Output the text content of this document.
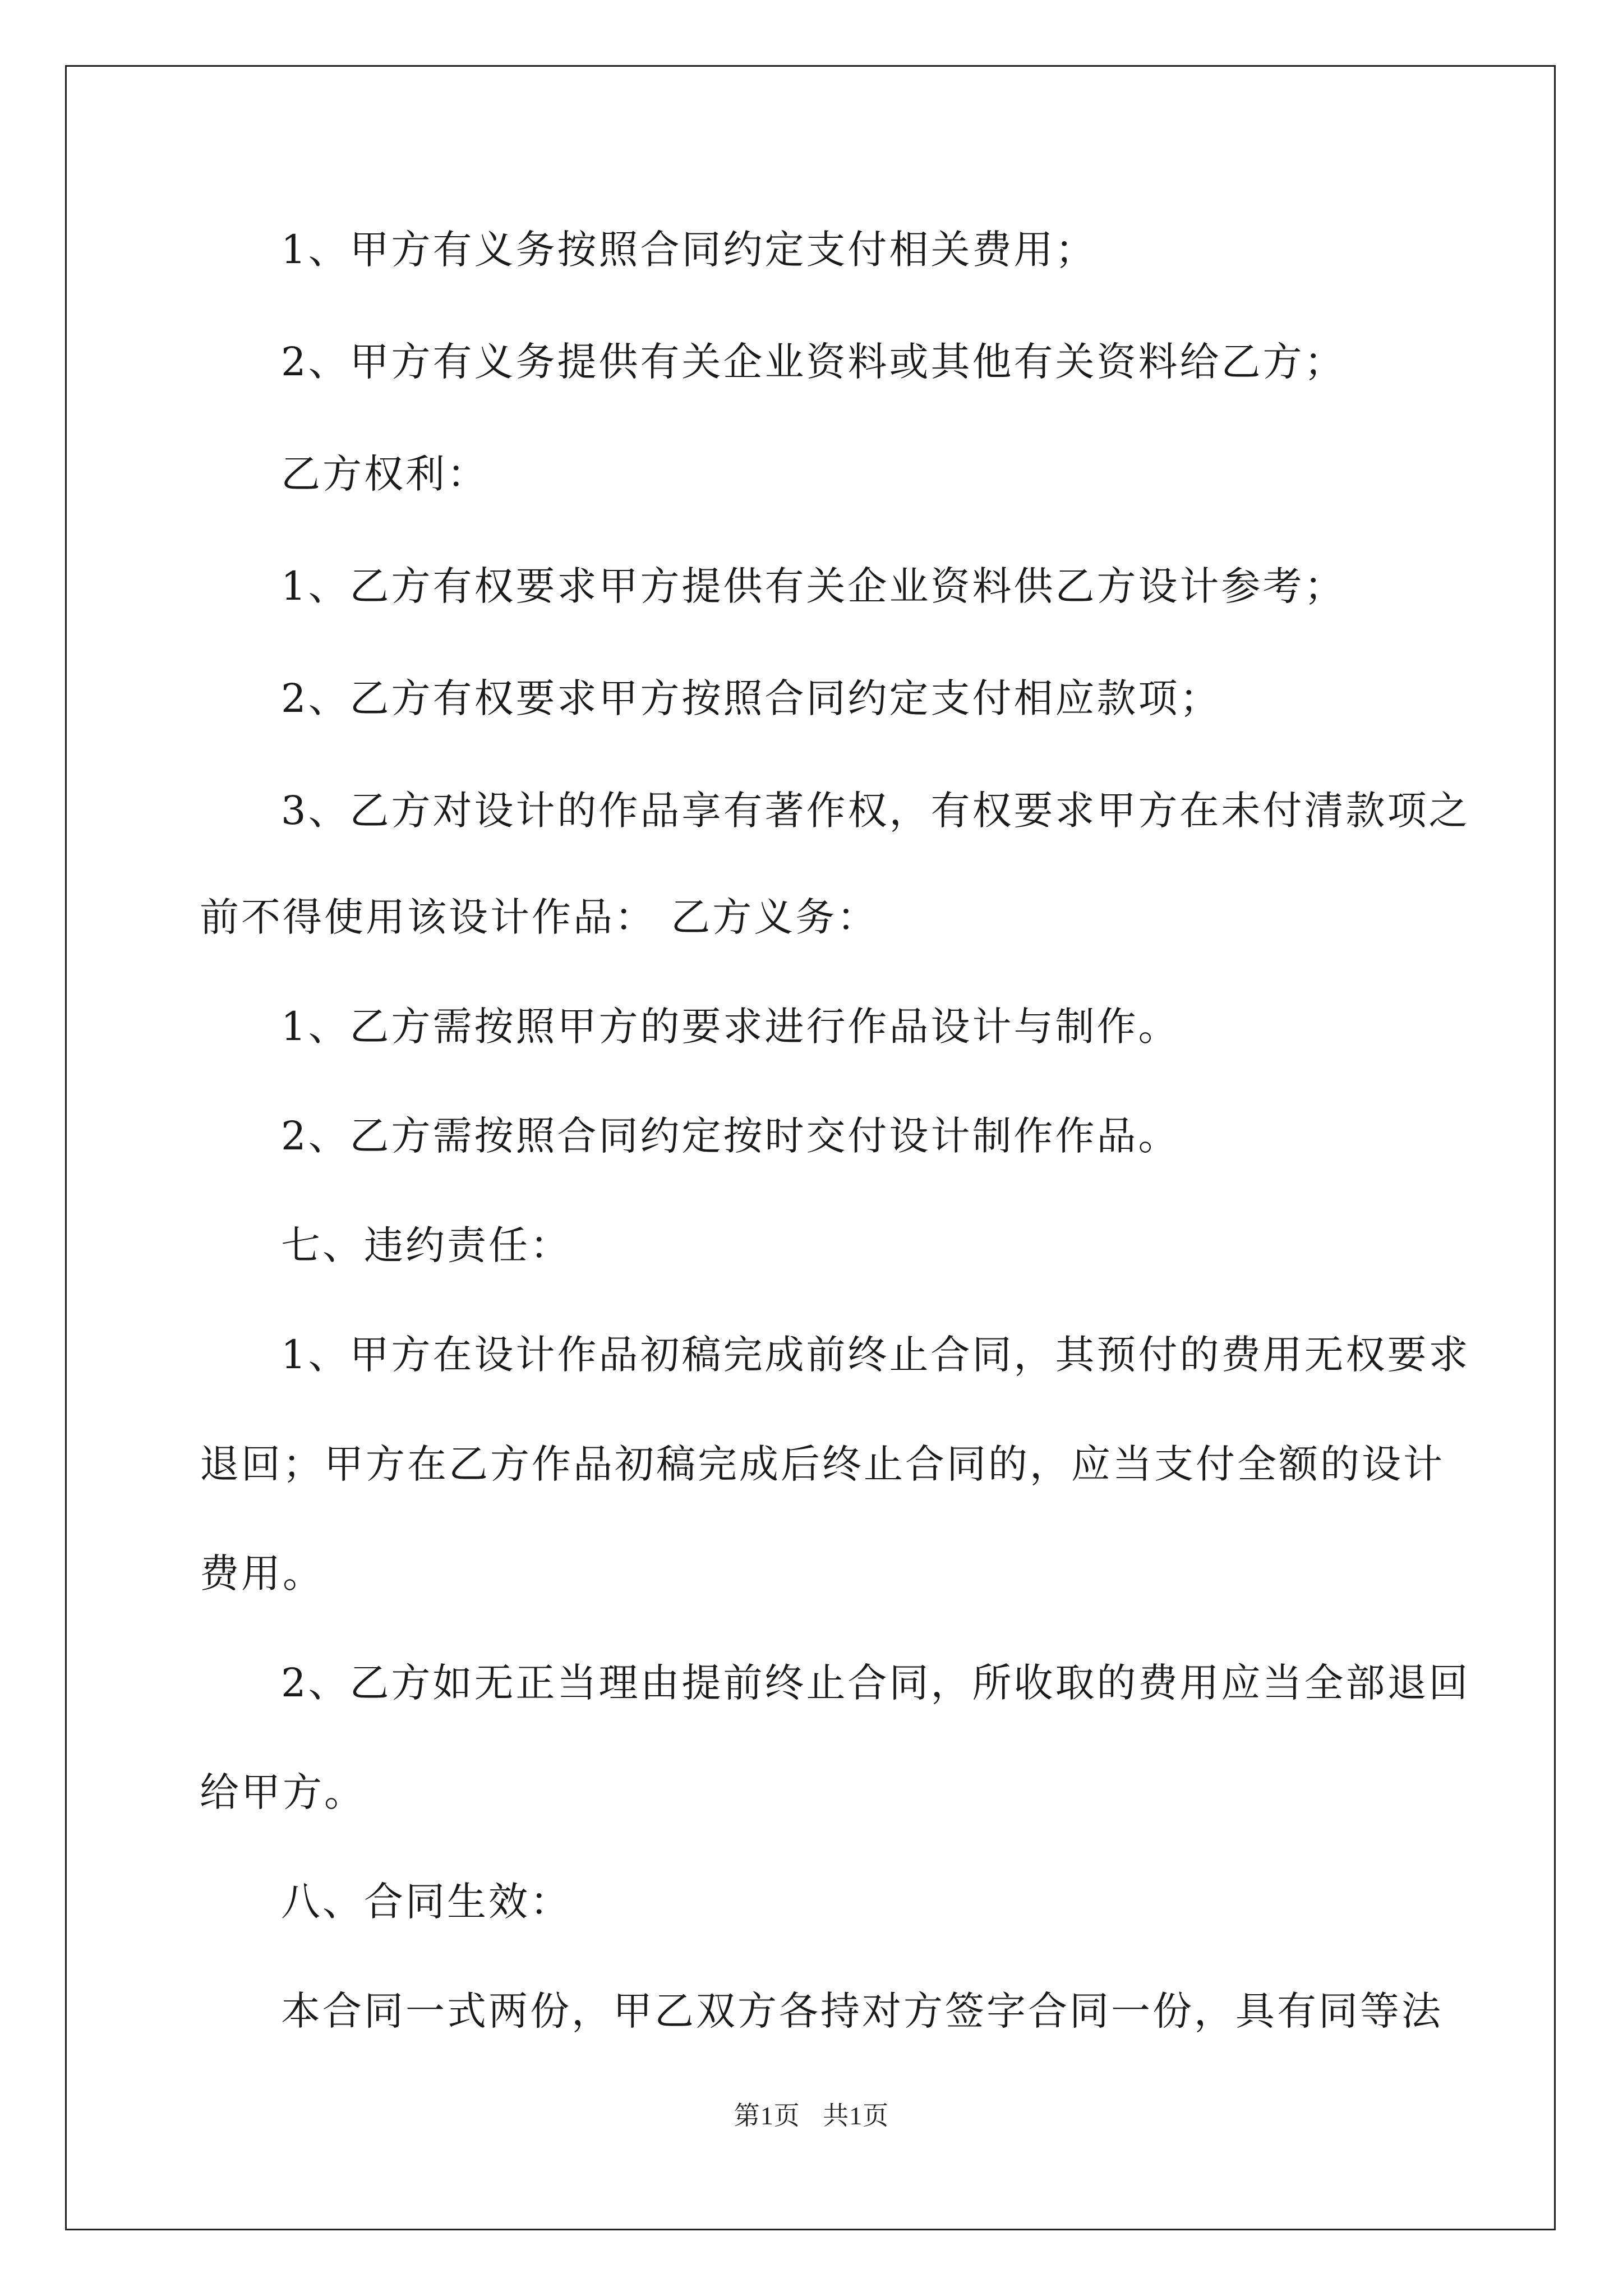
1、甲方有义务按照合同约定支付相关费用；
2、甲方有义务提供有关企业资料或其他有关资料给乙方；
乙方权利：
1、乙方有权要求甲方提供有关企业资料供乙方设计参考；
2、乙方有权要求甲方按照合同约定支付相应款项；
3、乙方对设计的作品享有著作权，有权要求甲方在未付清款项之
前不得使用该设计作品： 乙方义务：
1、乙方需按照甲方的要求进行作品设计与制作。
2、乙方需按照合同约定按时交付设计制作作品。
七、违约责任：
1、甲方在设计作品初稿完成前终止合同，其预付的费用无权要求
退回；甲方在乙方作品初稿完成后终止合同的，应当支付全额的设计
费用。
2、乙方如无正当理由提前终止合同，所收取的费用应当全部退回
给甲方。
八、合同生效：
本合同一式两份，甲乙双方各持对方签字合同一份，具有同等法
第1页 共1页
